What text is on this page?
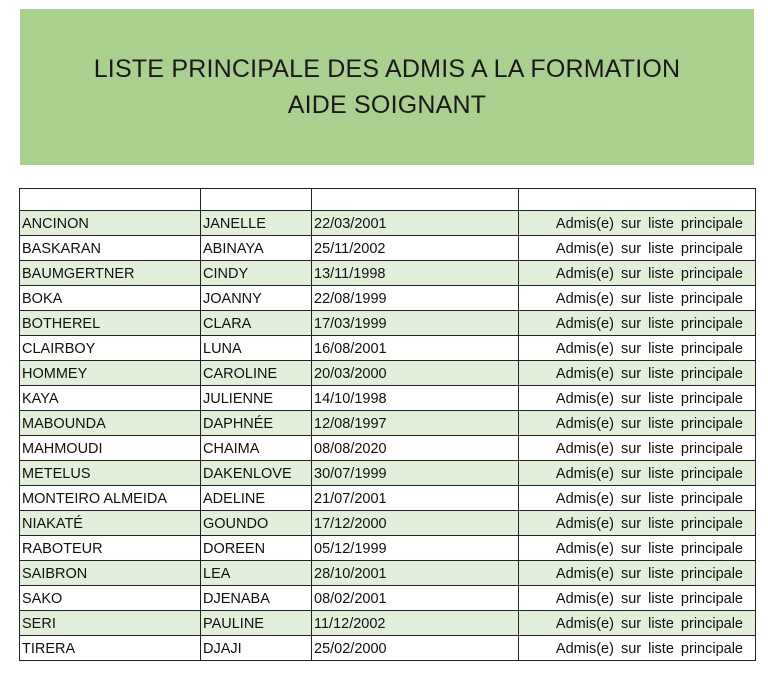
LISTE PRINCIPALE DES ADMIS A LA FORMATION
AIDE SOIGNANT

ANCINON	JANELLE	22/03/2001	Admis(e) sur liste principale
BASKARAN	ABINAYA	25/11/2002	Admis(e) sur liste principale
BAUMGERTNER	CINDY	13/11/1998	Admis(e) sur liste principale
BOKA	JOANNY	22/08/1999	Admis(e) sur liste principale
BOTHEREL	CLARA	17/03/1999	Admis(e) sur liste principale
CLAIRBOY	LUNA	16/08/2001	Admis(e) sur liste principale
HOMMEY	CAROLINE	20/03/2000	Admis(e) sur liste principale
KAYA	JULIENNE	14/10/1998	Admis(e) sur liste principale
MABOUNDA	DAPHNÉE	12/08/1997	Admis(e) sur liste principale
MAHMOUDI	CHAIMA	08/08/2020	Admis(e) sur liste principale
METELUS	DAKENLOVE	30/07/1999	Admis(e) sur liste principale
MONTEIRO ALMEIDA	ADELINE	21/07/2001	Admis(e) sur liste principale
NIAKATÉ	GOUNDO	17/12/2000	Admis(e) sur liste principale
RABOTEUR	DOREEN	05/12/1999	Admis(e) sur liste principale
SAIBRON	LEA	28/10/2001	Admis(e) sur liste principale
SAKO	DJENABA	08/02/2001	Admis(e) sur liste principale
SERI	PAULINE	11/12/2002	Admis(e) sur liste principale
TIRERA	DJAJI	25/02/2000	Admis(e) sur liste principale
